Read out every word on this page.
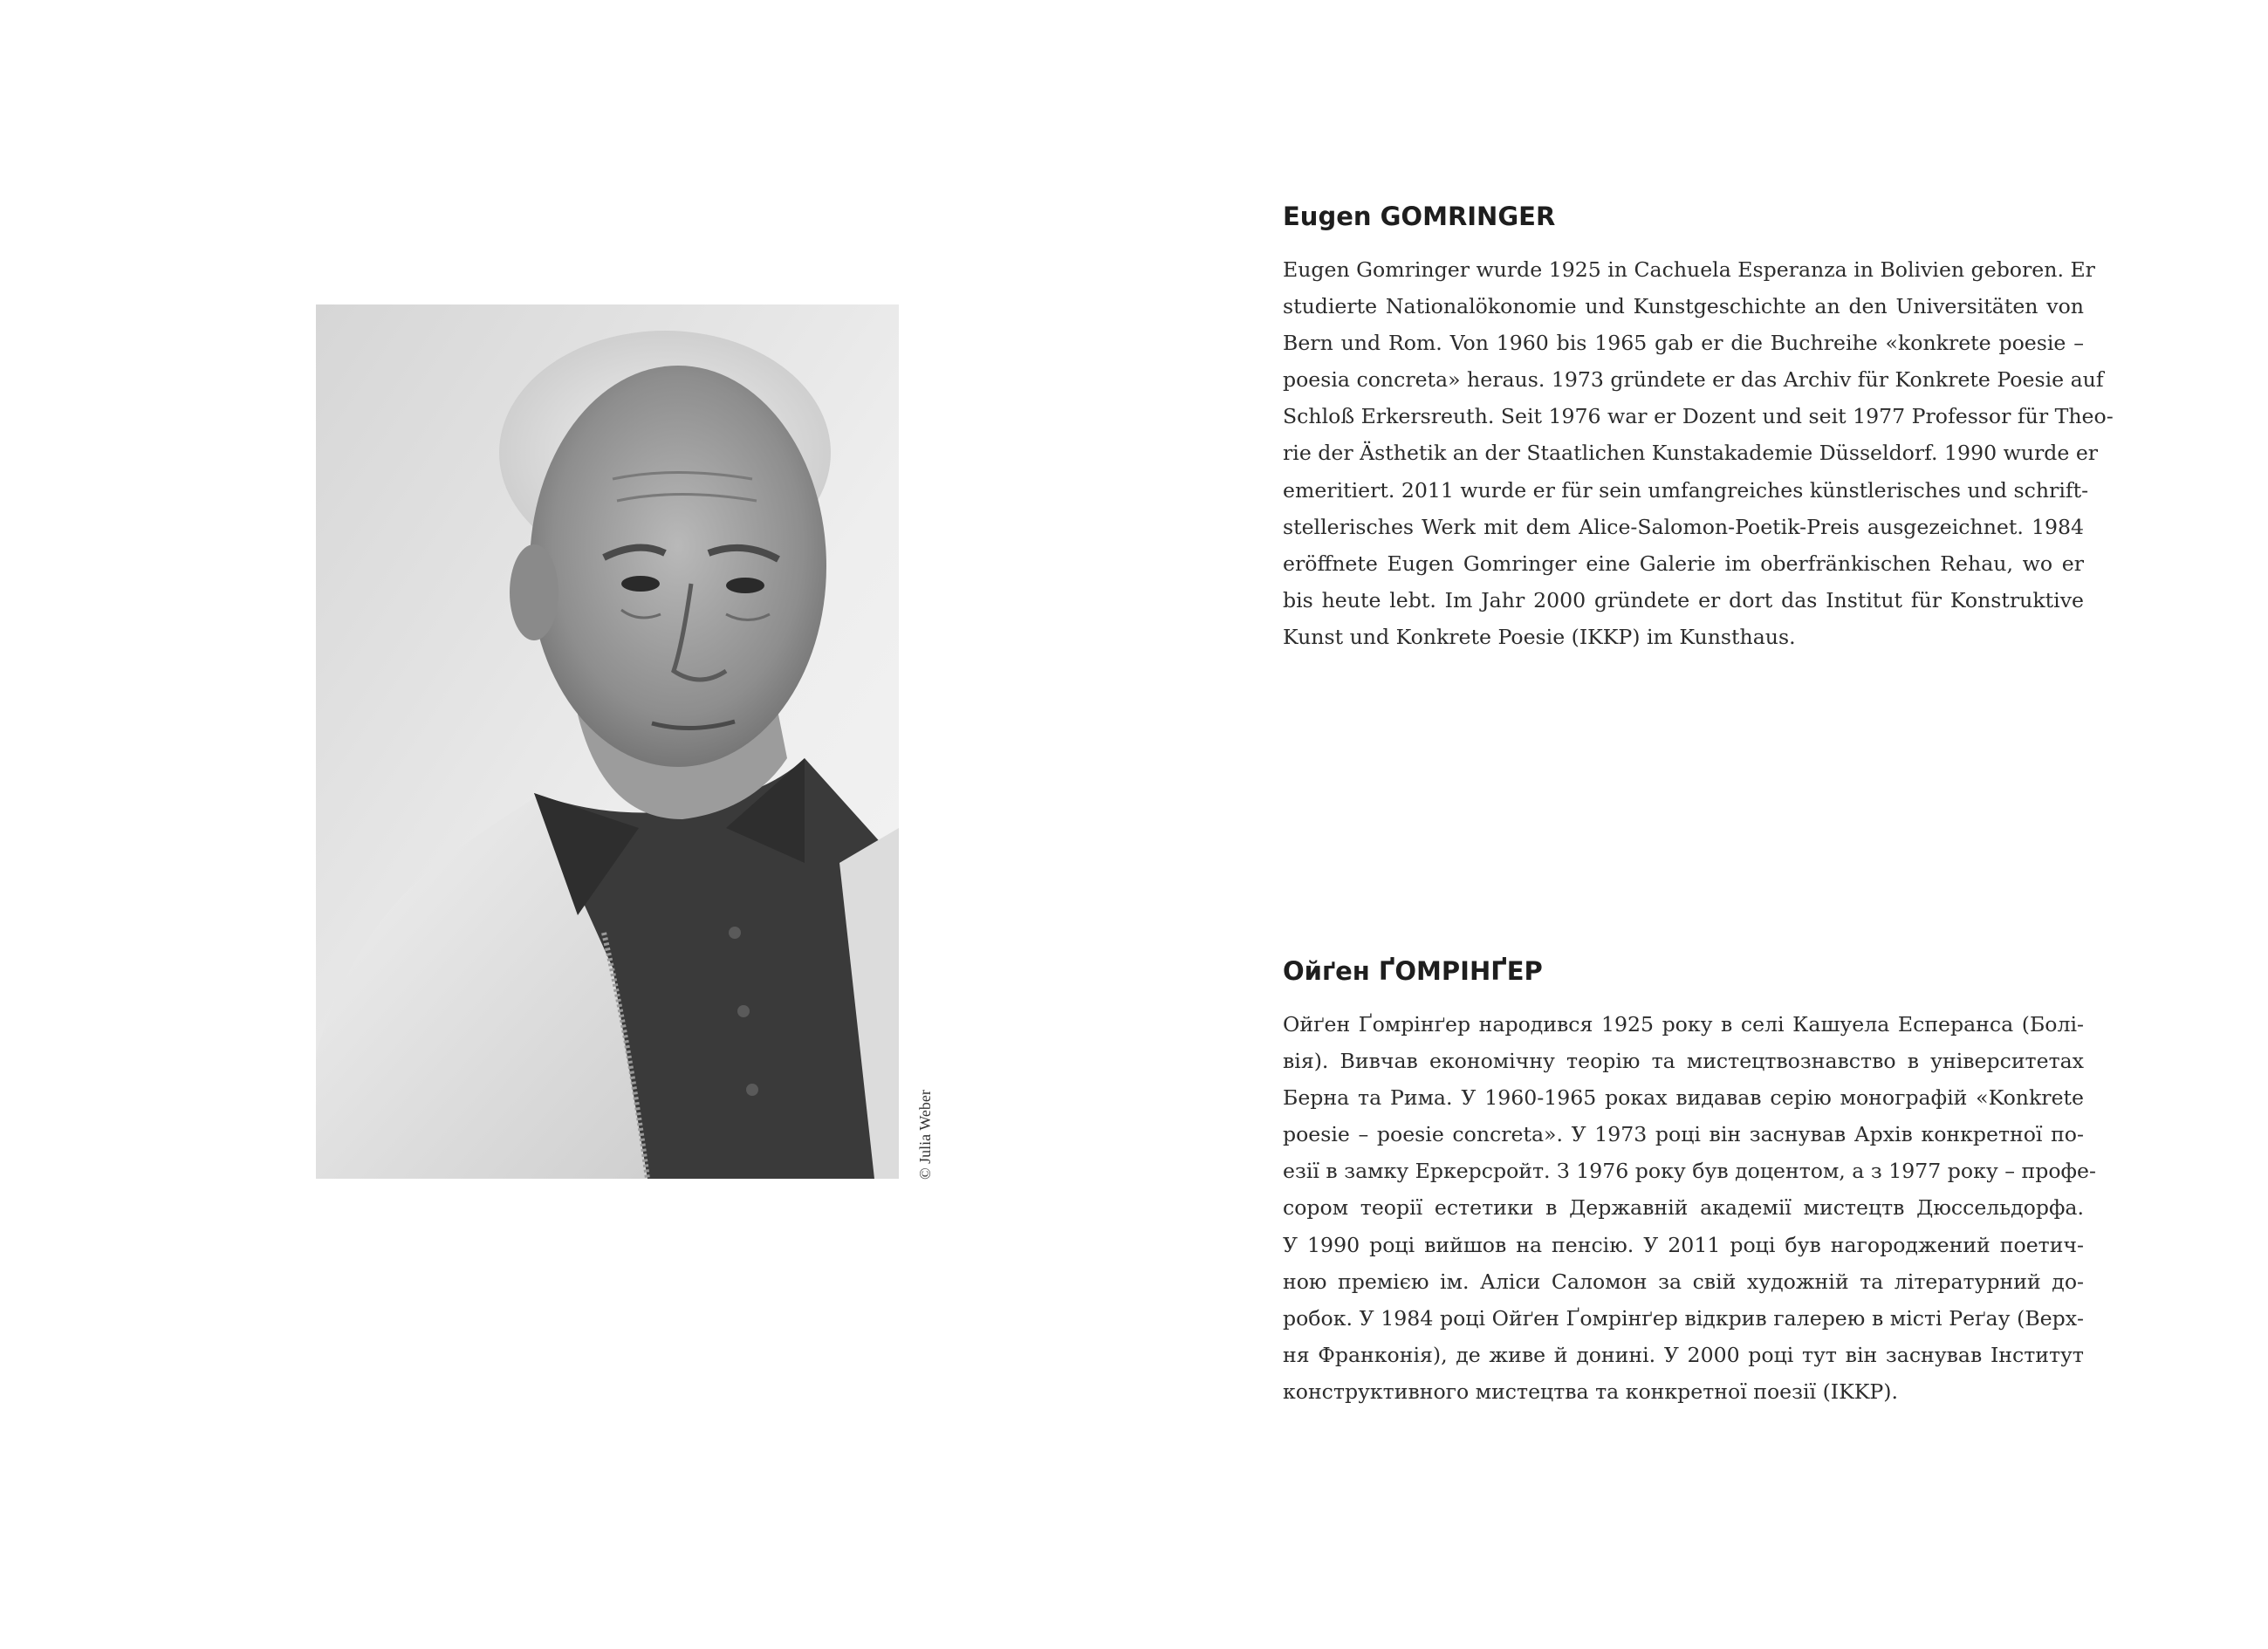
© Julia Weber
Eugen GOMRINGER
Eugen Gomringer wurde 1925 in Cachuela Esperanza in Bolivien geboren. Er
studierte Nationalökonomie und Kunstgeschichte an den Universitäten von
Bern und Rom. Von 1960 bis 1965 gab er die Buchreihe «konkrete poesie –
poesia concreta» heraus. 1973 gründete er das Archiv für Konkrete Poesie auf
Schloß Erkersreuth. Seit 1976 war er Dozent und seit 1977 Professor für Theo-
rie der Ästhetik an der Staatlichen Kunstakademie Düsseldorf. 1990 wurde er
emeritiert. 2011 wurde er für sein umfangreiches künstlerisches und schrift-
stellerisches Werk mit dem Alice-Salomon-Poetik-Preis ausgezeichnet. 1984
eröffnete Eugen Gomringer eine Galerie im oberfränkischen Rehau, wo er
bis heute lebt. Im Jahr 2000 gründete er dort das Institut für Konstruktive
Kunst und Konkrete Poesie (IKKP) im Kunsthaus.
Ойґен ҐОМРІНҐЕР
Ойґен Ґомрінґер народився 1925 року в селі Кашуела Есперанса (Болі-
вія). Вивчав економічну теорію та мистецтвознавство в університетах
Берна та Рима. У 1960-1965 роках видавав серію монографій «Konkrete
poesie – poesie concreta». У 1973 році він заснував Архів конкретної по-
езії в замку Еркерсройт. З 1976 року був доцентом, а з 1977 року – профе-
сором теорії естетики в Державній академії мистецтв Дюссельдорфа.
У 1990 році вийшов на пенсію. У 2011 році був нагороджений поетич-
ною премією ім. Аліси Саломон за свій художній та літературний до-
робок. У 1984 році Ойґен Ґомрінґер відкрив галерею в місті Реґау (Верх-
ня Франконія), де живе й донині. У 2000 році тут він заснував Інститут
конструктивного мистецтва та конкретної поезії (IKKP).
